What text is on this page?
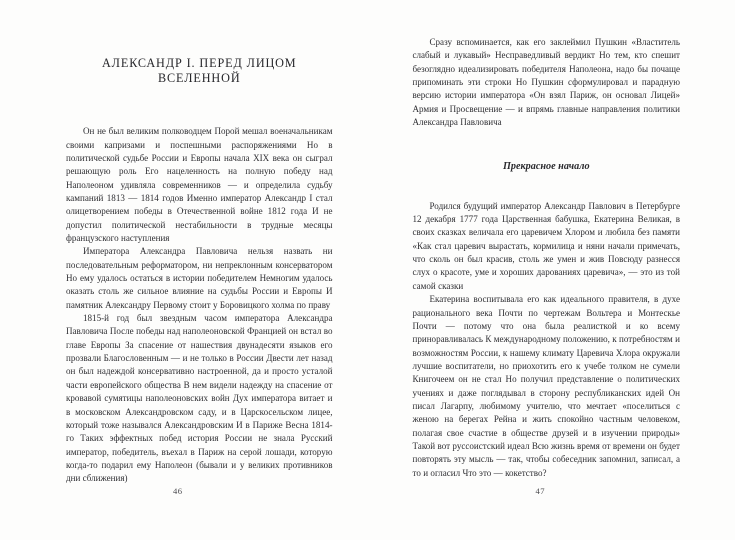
АЛЕКСАНДР I. ПЕРЕД ЛИЦОМ ВСЕЛЕННОЙ

Он не был великим полководцем Порой мешал военачальникам своими капризами и поспешными распоряжениями Но в политической судьбе России и Европы начала XIX века он сыграл решающую роль Его нацеленность на полную победу над Наполеоном удивляла современников — и определила судьбу кампаний 1813 — 1814 годов Именно император Александр I стал олицетворением победы в Отечественной войне 1812 года И не допустил политической нестабильности в трудные месяцы французского наступления

Императора Александра Павловича нельзя назвать ни последовательным реформатором, ни непреклонным консерватором Но ему удалось остаться в истории победителем Немногим удалось оказать столь же сильное влияние на судьбы России и Европы И памятник Александру Первому стоит у Боровицкого холма по праву

1815-й год был звездным часом императора Александра Павловича После победы над наполеоновской Францией он встал во главе Европы За спасение от нашествия двунадесяти языков его прозвали Благословенным — и не только в России Двести лет назад он был надеждой консервативно настроенной, да и просто усталой части европейского общества В нем видели надежду на спасение от кровавой сумятицы наполеоновских войн Дух императора витает и в московском Александровском саду, и в Царскосельском лицее, который тоже назывался Александровским И в Париже Весна 1814-го Таких эффектных побед история России не знала Русский император, победитель, въехал в Париж на серой лошади, которую когда-то подарил ему Наполеон (бывали и у великих противников дни сближения)

46

Сразу вспоминается, как его заклеймил Пушкин «Властитель слабый и лукавый» Несправедливый вердикт Но тем, кто спешит безоглядно идеализировать победителя Наполеона, надо бы почаще припоминать эти строки Но Пушкин сформулировал и парадную версию истории императора «Он взял Париж, он основал Лицей» Армия и Просвещение — и впрямь главные направления политики Александра Павловича

Прекрасное начало

Родился будущий император Александр Павлович в Петербурге 12 декабря 1777 года Царственная бабушка, Екатерина Великая, в своих сказках величала его царевичем Хлором и любила без памяти «Как стал царевич вырастать, кормилица и няни начали примечать, что сколь он был красив, столь же умен и жив Повсюду разнесся слух о красоте, уме и хороших дарованиях царевича», — это из той самой сказки

Екатерина воспитывала его как идеального правителя, в духе рационального века Почти по чертежам Вольтера и Монтескье Почти — потому что она была реалисткой и ко всему приноравливалась К международному положению, к потребностям и возможностям России, к нашему климату Царевича Хлора окружали лучшие воспитатели, но приохотить его к учебе толком не сумели Книгочеем он не стал Но получил представление о политических учениях и даже поглядывал в сторону республиканских идей Он писал Лагарпу, любимому учителю, что мечтает «поселиться с женою на берегах Рейна и жить спокойно частным человеком, полагая свое счастие в обществе друзей и в изучении природы» Такой вот руссоистский идеал Всю жизнь время от времени он будет повторять эту мысль — так, чтобы собеседник запомнил, записал, а то и огласил Что это — кокетство?

47
